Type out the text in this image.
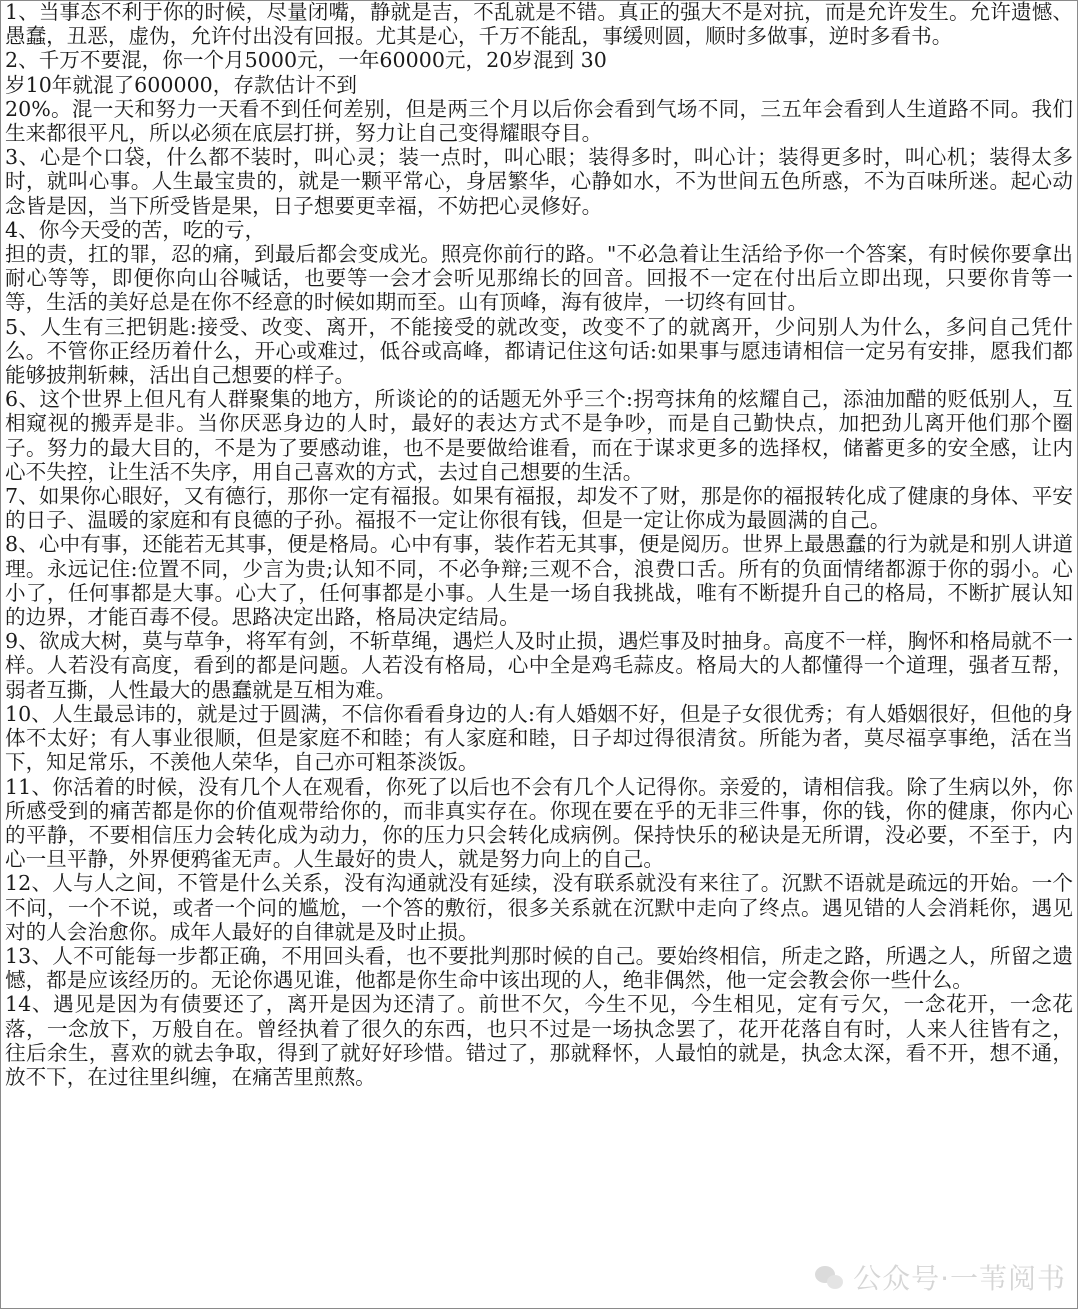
1、当事态不利于你的时候，尽量闭嘴，静就是吉，不乱就是不错。真正的强大不是对抗，而是允许发生。允许遗憾、愚蠢，丑恶，虚伪，允许付出没有回报。尤其是心，千万不能乱，事缓则圆，顺时多做事，逆时多看书。

2、千万不要混，你一个月5000元，一年60000元，20岁混到 30

岁10年就混了600000，存款估计不到

20%。混一天和努力一天看不到任何差别，但是两三个月以后你会看到气场不同，三五年会看到人生道路不同。我们生来都很平凡，所以必须在底层打拼，努力让自己变得耀眼夺目。

3、心是个口袋，什么都不装时，叫心灵；装一点时，叫心眼；装得多时，叫心计；装得更多时，叫心机；装得太多时，就叫心事。人生最宝贵的，就是一颗平常心，身居繁华，心静如水，不为世间五色所惑，不为百味所迷。起心动念皆是因，当下所受皆是果，日子想要更幸福，不妨把心灵修好。

4、你今天受的苦，吃的亏，

担的责，扛的罪，忍的痛，到最后都会变成光。照亮你前行的路。"不必急着让生活给予你一个答案，有时候你要拿出耐心等等，即便你向山谷喊话，也要等一会才会听见那绵长的回音。回报不一定在付出后立即出现，只要你肯等一等，生活的美好总是在你不经意的时候如期而至。山有顶峰，海有彼岸，一切终有回甘。

5、人生有三把钥匙:接受、改变、离开，不能接受的就改变，改变不了的就离开，少问别人为什么，多问自己凭什么。不管你正经历着什么，开心或难过，低谷或高峰，都请记住这句话:如果事与愿违请相信一定另有安排，愿我们都能够披荆斩棘，活出自己想要的样子。

6、这个世界上但凡有人群聚集的地方，所谈论的的话题无外乎三个:拐弯抹角的炫耀自己，添油加醋的贬低别人，互相窥视的搬弄是非。当你厌恶身边的人时，最好的表达方式不是争吵，而是自己勤快点，加把劲儿离开他们那个圈子。努力的最大目的，不是为了要感动谁，也不是要做给谁看，而在于谋求更多的选择权，储蓄更多的安全感，让内心不失控，让生活不失序，用自己喜欢的方式，去过自己想要的生活。

7、如果你心眼好，又有德行，那你一定有福报。如果有福报，却发不了财，那是你的福报转化成了健康的身体、平安的日子、温暖的家庭和有良德的子孙。福报不一定让你很有钱，但是一定让你成为最圆满的自己。

8、心中有事，还能若无其事，便是格局。心中有事，装作若无其事，便是阅历。世界上最愚蠢的行为就是和别人讲道理。永远记住:位置不同，少言为贵;认知不同，不必争辩;三观不合，浪费口舌。所有的负面情绪都源于你的弱小。心小了，任何事都是大事。心大了，任何事都是小事。人生是一场自我挑战，唯有不断提升自己的格局，不断扩展认知的边界，才能百毒不侵。思路决定出路，格局决定结局。

9、欲成大树，莫与草争，将军有剑，不斩草绳，遇烂人及时止损，遇烂事及时抽身。高度不一样，胸怀和格局就不一样。人若没有高度，看到的都是问题。人若没有格局，心中全是鸡毛蒜皮。格局大的人都懂得一个道理，强者互帮，弱者互撕，人性最大的愚蠢就是互相为难。

10、人生最忌讳的，就是过于圆满，不信你看看身边的人:有人婚姻不好，但是子女很优秀；有人婚姻很好，但他的身体不太好；有人事业很顺，但是家庭不和睦；有人家庭和睦，日子却过得很清贫。所能为者，莫尽福享事绝，活在当下，知足常乐，不羡他人荣华，自己亦可粗茶淡饭。

11、你活着的时候，没有几个人在观看，你死了以后也不会有几个人记得你。亲爱的，请相信我。除了生病以外，你所感受到的痛苦都是你的价值观带给你的，而非真实存在。你现在要在乎的无非三件事，你的钱，你的健康，你内心的平静，不要相信压力会转化成为动力，你的压力只会转化成病例。保持快乐的秘诀是无所谓，没必要，不至于，内心一旦平静，外界便鸦雀无声。人生最好的贵人，就是努力向上的自己。

12、人与人之间，不管是什么关系，没有沟通就没有延续，没有联系就没有来往了。沉默不语就是疏远的开始。一个不问，一个不说，或者一个问的尴尬，一个答的敷衍，很多关系就在沉默中走向了终点。遇见错的人会消耗你，遇见对的人会治愈你。成年人最好的自律就是及时止损。

13、人不可能每一步都正确，不用回头看，也不要批判那时候的自己。要始终相信，所走之路，所遇之人，所留之遗憾，都是应该经历的。无论你遇见谁，他都是你生命中该出现的人，绝非偶然，他一定会教会你一些什么。

14、遇见是因为有债要还了，离开是因为还清了。前世不欠，今生不见，今生相见，定有亏欠，一念花开，一念花落，一念放下，万般自在。曾经执着了很久的东西，也只不过是一场执念罢了，花开花落自有时，人来人往皆有之，往后余生，喜欢的就去争取，得到了就好好珍惜。错过了，那就释怀，人最怕的就是，执念太深，看不开，想不通，放不下，在过往里纠缠，在痛苦里煎熬。

公众号·一苇阅书
